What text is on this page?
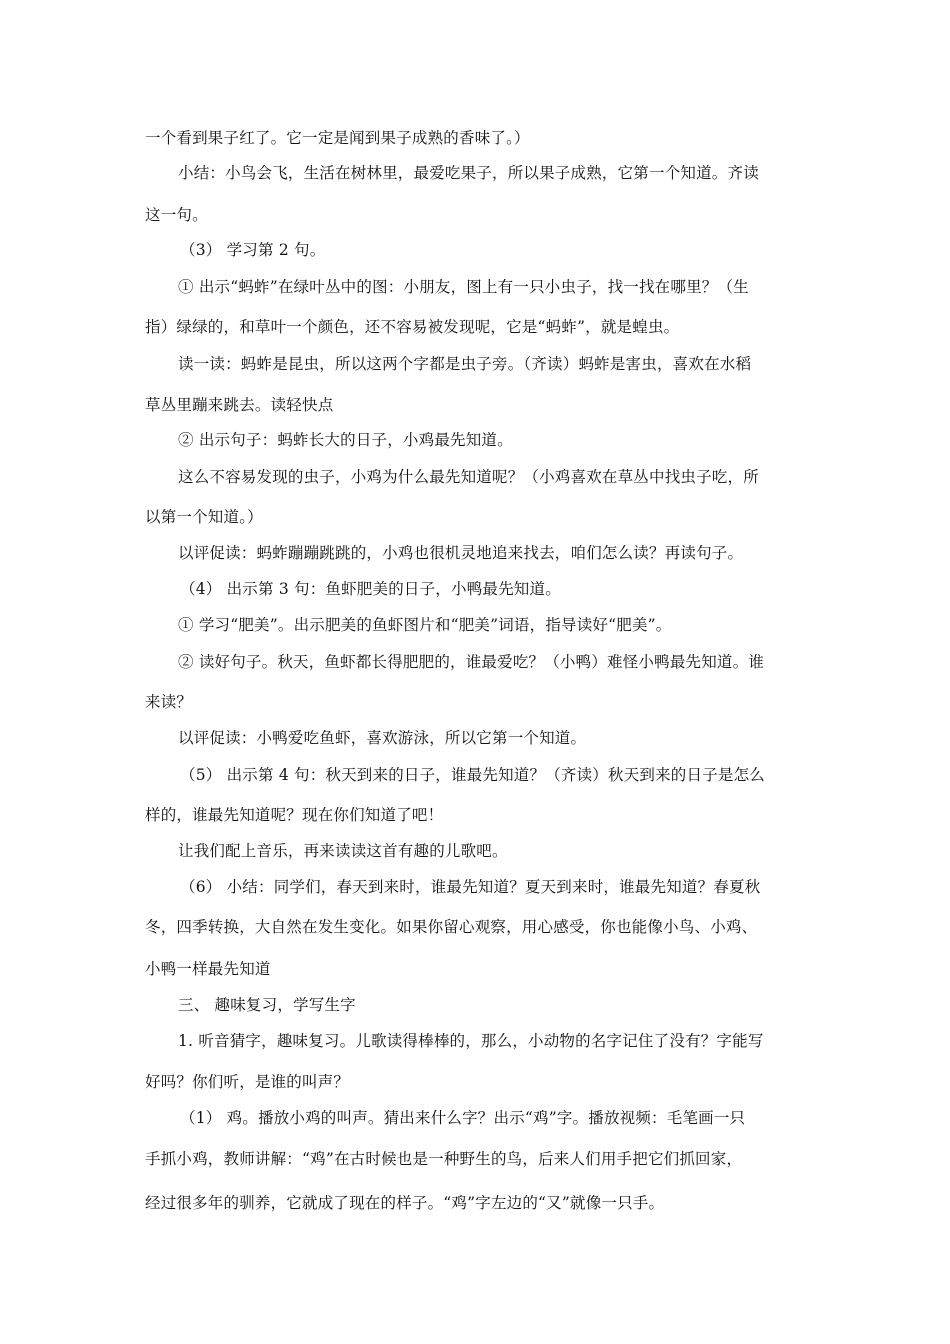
一个看到果子红了。它一定是闻到果子成熟的香味了。）
小结：小鸟会飞，生活在树林里，最爱吃果子，所以果子成熟，它第一个知道。齐读
这一句。
（3） 学习第 2 句。
① 出示“蚂蚱”在绿叶丛中的图：小朋友，图上有一只小虫子，找一找在哪里？（生
指）绿绿的，和草叶一个颜色，还不容易被发现呢，它是“蚂蚱”，就是蝗虫。
读一读：蚂蚱是昆虫，所以这两个字都是虫子旁。（齐读）蚂蚱是害虫，喜欢在水稻
草丛里蹦来跳去。读轻快点
② 出示句子：蚂蚱长大的日子，小鸡最先知道。
这么不容易发现的虫子，小鸡为什么最先知道呢？（小鸡喜欢在草丛中找虫子吃，所
以第一个知道。）
以评促读：蚂蚱蹦蹦跳跳的，小鸡也很机灵地追来找去，咱们怎么读？再读句子。
（4） 出示第 3 句：鱼虾肥美的日子，小鸭最先知道。
① 学习“肥美”。出示肥美的鱼虾图片和“肥美”词语，指导读好“肥美”。
② 读好句子。秋天，鱼虾都长得肥肥的，谁最爱吃？（小鸭）难怪小鸭最先知道。谁
来读？
以评促读：小鸭爱吃鱼虾，喜欢游泳，所以它第一个知道。
（5） 出示第 4 句：秋天到来的日子，谁最先知道？（齐读）秋天到来的日子是怎么
样的，谁最先知道呢？现在你们知道了吧！
让我们配上音乐，再来读读这首有趣的儿歌吧。
（6） 小结：同学们，春天到来时，谁最先知道？夏天到来时，谁最先知道？春夏秋
冬，四季转换，大自然在发生变化。如果你留心观察，用心感受，你也能像小鸟、小鸡、
小鸭一样最先知道
三、 趣味复习，学写生字
1. 听音猜字，趣味复习。儿歌读得棒棒的，那么，小动物的名字记住了没有？字能写
好吗？你们听，是谁的叫声？
（1） 鸡。播放小鸡的叫声。猜出来什么字？出示“鸡”字。播放视频：毛笔画一只
手抓小鸡，教师讲解：“鸡”在古时候也是一种野生的鸟，后来人们用手把它们抓回家，
经过很多年的驯养，它就成了现在的样子。“鸡”字左边的“又”就像一只手。
